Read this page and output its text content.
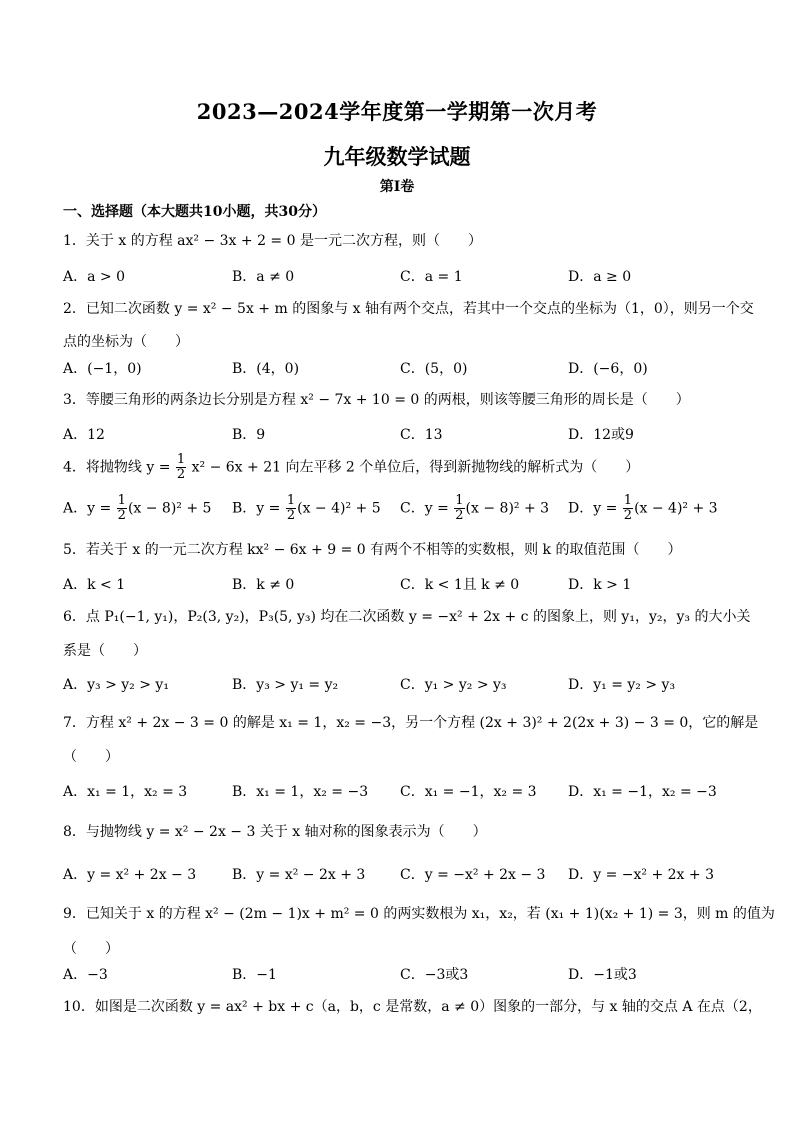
2023—2024学年度第一学期第一次月考
九年级数学试题
第Ⅰ卷
一、选择题（本大题共10小题，共30分）
1．关于 x 的方程 ax² − 3x + 2 = 0 是一元二次方程，则（　　）
A．a > 0	B．a ≠ 0	C．a = 1	D．a ≥ 0
2．已知二次函数 y = x² − 5x + m 的图象与 x 轴有两个交点，若其中一个交点的坐标为（1，0），则另一个交
点的坐标为（　　）
A．(−1，0)	B．(4，0)	C．(5，0)	D．(−6，0)
3．等腰三角形的两条边长分别是方程 x² − 7x + 10 = 0 的两根，则该等腰三角形的周长是（　　）
A．12	B．9	C．13	D．12或9
4．将抛物线 $y = \frac{1}{2} x^2 - 6x + 21$ 向左平移 2 个单位后，得到新抛物线的解析式为（　　）
A．$y = \frac{1}{2} (x - 8)^2 + 5$ B．$y = \frac{1}{2} (x - 4)^2 + 5$ C．$y = \frac{1}{2} (x - 8)^2 + 3$ D．$y = \frac{1}{2} (x - 4)^2 + 3$
5．若关于 x 的一元二次方程 kx² − 6x + 9 = 0 有两个不相等的实数根，则 k 的取值范围（　　）
A．k < 1	B．k ≠ 0	C．k < 1且 k ≠ 0	D．k > 1
6．点 P₁(−1, y₁)，P₂(3, y₂)，P₃(5, y₃) 均在二次函数 y = −x² + 2x + c 的图象上，则 y₁，y₂，y₃ 的大小关
系是（　　）
A．y₃ > y₂ > y₁	B．y₃ > y₁ = y₂	C．y₁ > y₂ > y₃	D．y₁ = y₂ > y₃
7．方程 x² + 2x − 3 = 0 的解是 x₁ = 1，x₂ = −3，另一个方程 (2x + 3)² + 2(2x + 3) − 3 = 0，它的解是
（　　）
A．x₁ = 1，x₂ = 3	B．x₁ = 1，x₂ = −3 C．x₁ = −1，x₂ = 3 D．x₁ = −1，x₂ = −3
8．与抛物线 y = x² − 2x − 3 关于 x 轴对称的图象表示为（　　）
A．y = x² + 2x − 3	B．y = x² − 2x + 3 C．y = −x² + 2x − 3 D．y = −x² + 2x + 3
9．已知关于 x 的方程 x² − (2m − 1)x + m² = 0 的两实数根为 x₁，x₂，若 (x₁ + 1)(x₂ + 1) = 3，则 m 的值为
（　　）
A．−3	B．−1	C．−3或3	D．−1或3
10．如图是二次函数 y = ax² + bx + c（a，b，c 是常数，a ≠ 0）图象的一部分，与 x 轴的交点 A 在点（2，
